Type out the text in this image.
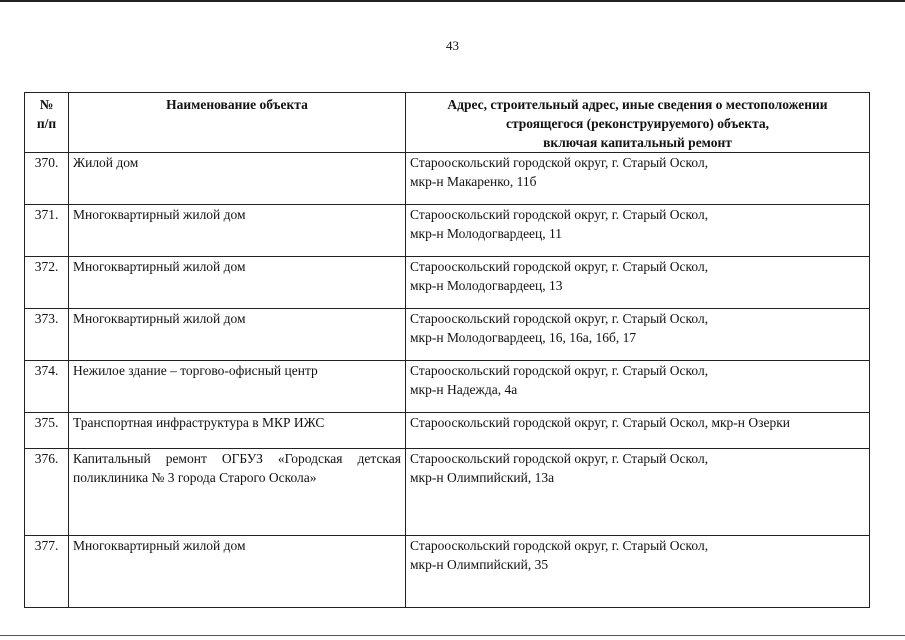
43
№
п/п	Наименование объекта	Адрес, строительный адрес, иные сведения о местоположении
строящегося (реконструируемого) объекта,
включая капитальный ремонт
370.	Жилой дом	Старооскольский городской округ, г. Старый Оскол,
мкр-н Макаренко, 11б
371.	Многоквартирный жилой дом	Старооскольский городской округ, г. Старый Оскол,
мкр-н Молодогвардеец, 11
372.	Многоквартирный жилой дом	Старооскольский городской округ, г. Старый Оскол,
мкр-н Молодогвардеец, 13
373.	Многоквартирный жилой дом	Старооскольский городской округ, г. Старый Оскол,
мкр-н Молодогвардеец, 16, 16а, 16б, 17
374.	Нежилое здание – торгово-офисный центр	Старооскольский городской округ, г. Старый Оскол,
мкр-н Надежда, 4а
375.	Транспортная инфраструктура в МКР ИЖС	Старооскольский городской округ, г. Старый Оскол, мкр-н Озерки
376.	Капитальный ремонт ОГБУЗ «Городская детская поликлиника № 3 города Старого Оскола»	Старооскольский городской округ, г. Старый Оскол,
мкр-н Олимпийский, 13а
377.	Многоквартирный жилой дом	Старооскольский городской округ, г. Старый Оскол,
мкр-н Олимпийский, 35
